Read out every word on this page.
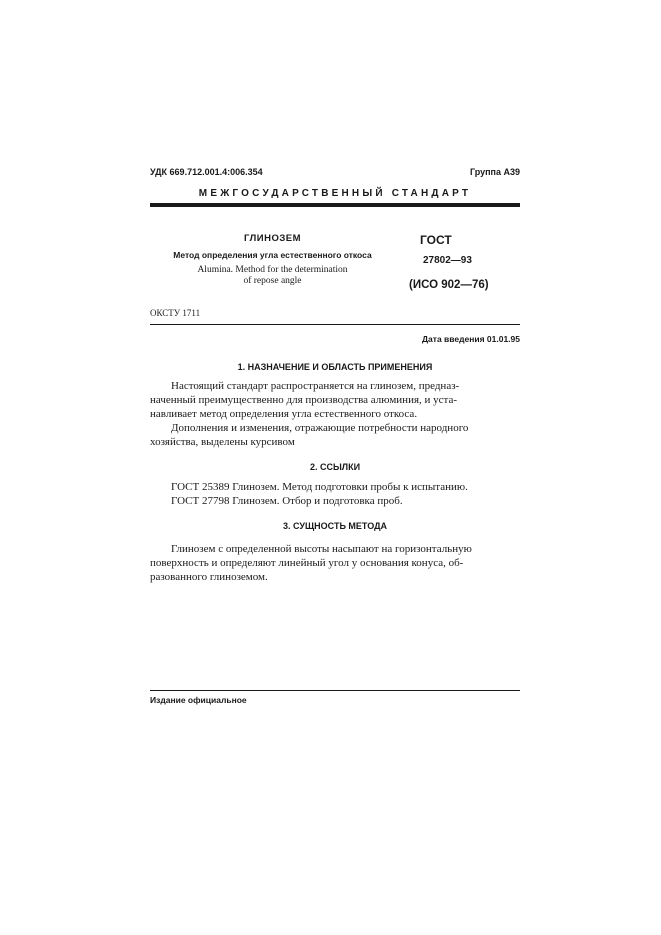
УДК 669.712.001.4:006.354	Группа А39
МЕЖГОСУДАРСТВЕННЫЙ СТАНДАРТ
ГЛИНОЗЕМ
Метод определения угла естественного откоса
Alumina. Method for the determination
of repose angle
ГОСТ
27802—93
(ИСО 902—76)
ОКСТУ 1711
Дата введения 01.01.95
1. НАЗНАЧЕНИЕ И ОБЛАСТЬ ПРИМЕНЕНИЯ
Настоящий стандарт распространяется на глинозем, предназ-
наченный преимущественно для производства алюминия, и уста-
навливает метод определения угла естественного откоса.
Дополнения и изменения, отражающие потребности народного
хозяйства, выделены курсивом
2. ССЫЛКИ
ГОСТ 25389 Глинозем. Метод подготовки пробы к испытанию.
ГОСТ 27798 Глинозем. Отбор и подготовка проб.
3. СУЩНОСТЬ МЕТОДА
Глинозем с определенной высоты насыпают на горизонтальную
поверхность и определяют линейный угол у основания конуса, об-
разованного глиноземом.
Издание официальное
